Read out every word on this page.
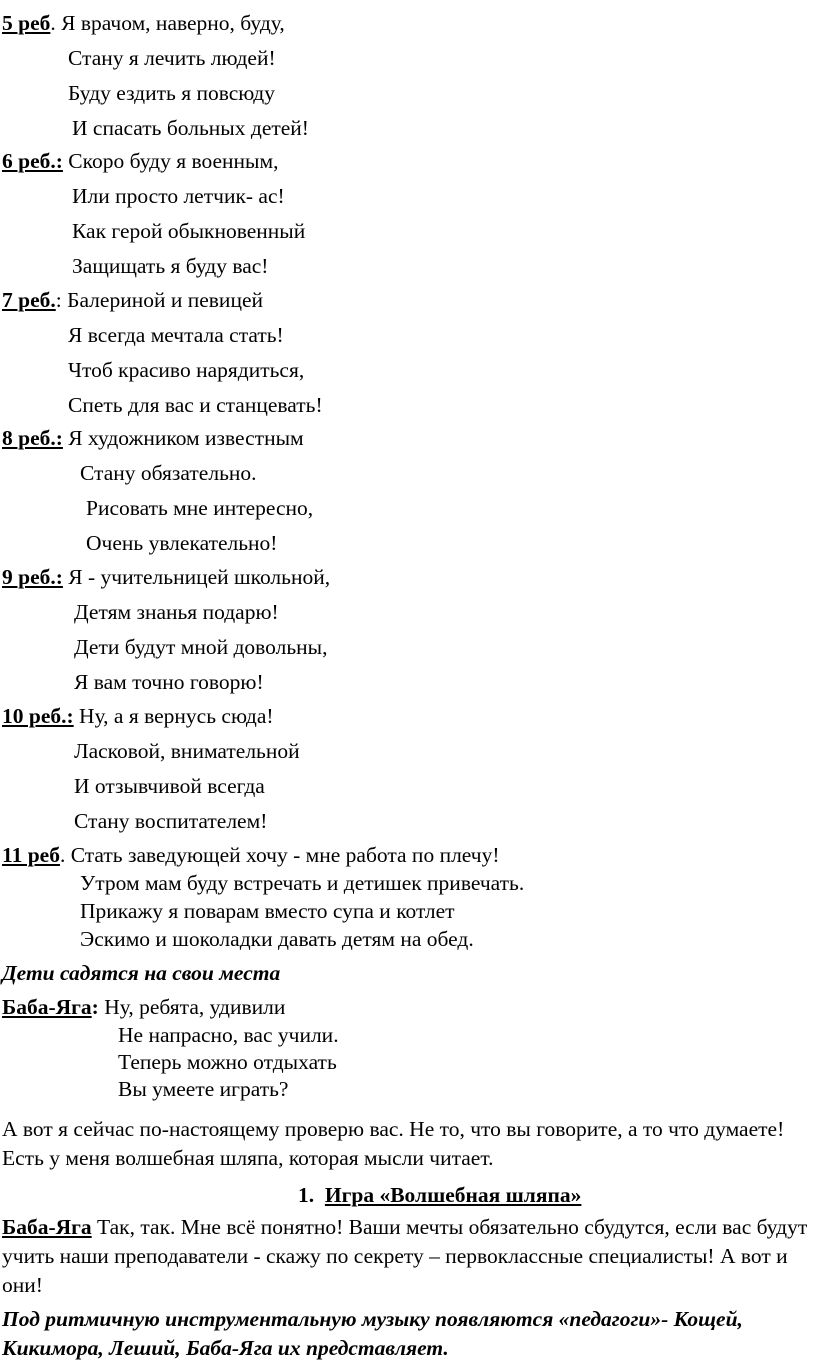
5 реб. Я врачом, наверно, буду,
Стану я лечить людей!
Буду ездить я повсюду
И спасать больных детей!
6 реб.: Скоро буду я военным,
Или просто летчик- ас!
Как герой обыкновенный
Защищать я буду вас!
7 реб.: Балериной и певицей
Я всегда мечтала стать!
Чтоб красиво нарядиться,
Спеть для вас и станцевать!
8 реб.: Я художником известным
Стану обязательно.
Рисовать мне интересно,
Очень увлекательно!
9 реб.: Я - учительницей школьной,
Детям знанья подарю!
Дети будут мной довольны,
Я вам точно говорю!
10 реб.: Ну, а я вернусь сюда!
Ласковой, внимательной
И отзывчивой всегда
Стану воспитателем!
11 реб. Стать заведующей хочу - мне работа по плечу!
Утром мам буду встречать и детишек привечать.
Прикажу я поварам вместо супа и котлет
Эскимо и шоколадки давать детям на обед.
Дети садятся на свои места
Баба-Яга: Ну, ребята, удивили
Не напрасно, вас учили.
Теперь можно отдыхать
Вы умеете играть?
А вот я сейчас по-настоящему проверю вас. Не то, что вы говорите, а то что думаете! Есть у меня волшебная шляпа, которая мысли читает.
1. Игра «Волшебная шляпа»
Баба-Яга Так, так. Мне всё понятно! Ваши мечты обязательно сбудутся, если вас будут учить наши преподаватели - скажу по секрету – первоклассные специалисты! А вот и они!
Под ритмичную инструментальную музыку появляются «педагоги»- Кощей, Кикимора, Леший, Баба-Яга их представляет.
